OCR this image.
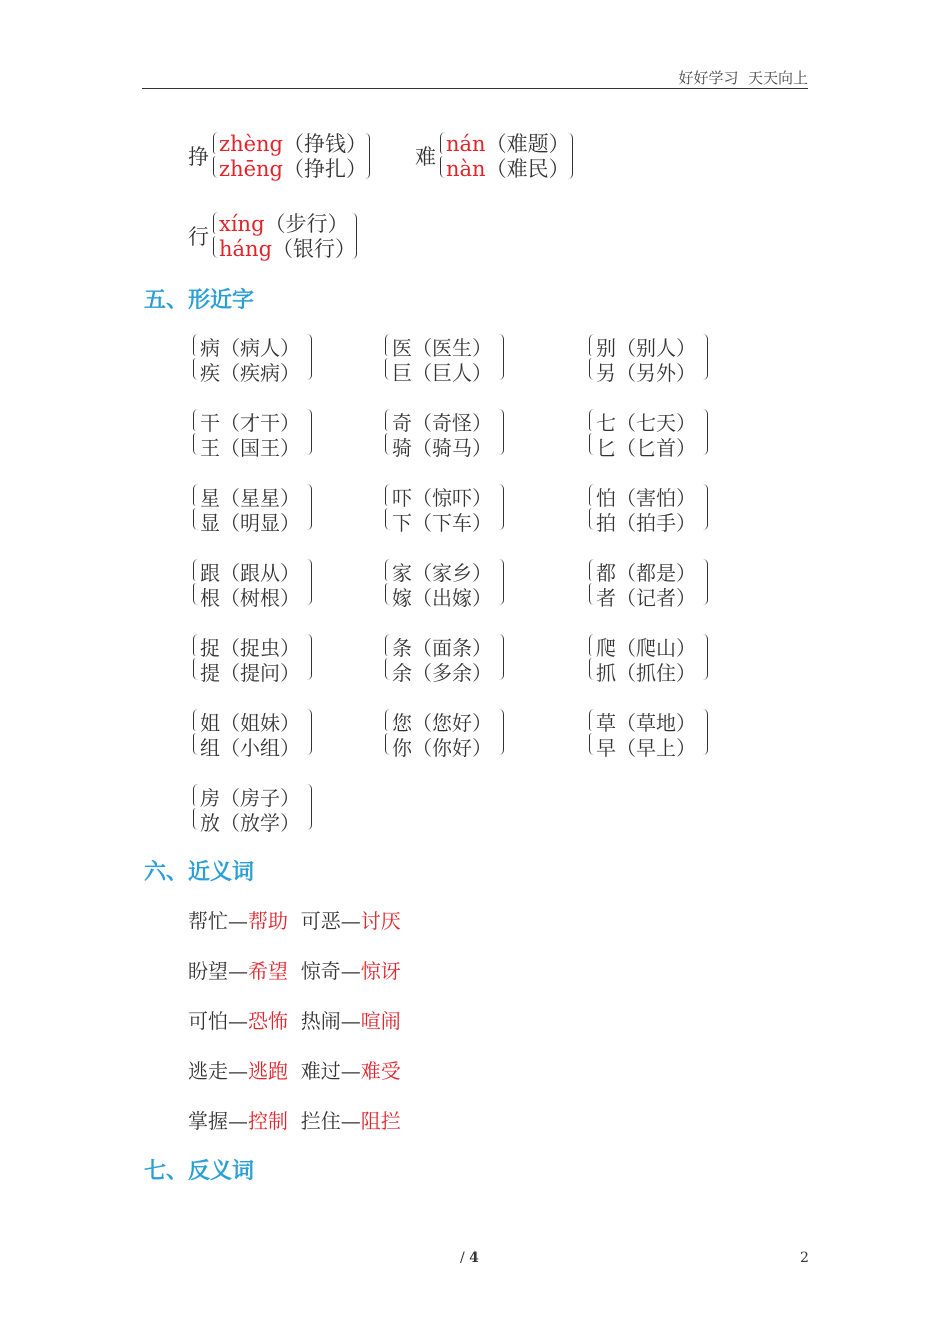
好好学习  天天向上
挣
zhèng（挣钱）
zhēng（挣扎） 难
nán（难题）
nàn（难民）
行
xíng（步行）
háng（银行）
五、形近字
病（病人）
疾（疾病）
医（医生）
巨（巨人）
别（别人）
另（另外）
干（才干）
王（国王）
奇（奇怪）
骑（骑马）
七（七天）
匕（匕首）
星（星星）
显（明显）
吓（惊吓）
下（下车）
怕（害怕）
拍（拍手）
跟（跟从）
根（树根）
家（家乡）
嫁（出嫁）
都（都是）
者（记者）
捉（捉虫）
提（提问）
条（面条）
余（多余）
爬（爬山）
抓（抓住）
姐（姐妹）
组（小组）
您（您好）
你（你好）
草（草地）
早（早上）
房（房子）
放（放学）
六、近义词
帮忙—帮助 可恶—讨厌
盼望—希望 惊奇—惊讶
可怕—恐怖 热闹—喧闹
逃走—逃跑 难过—难受
掌握—控制 拦住—阻拦
七、反义词
/ 4	2
